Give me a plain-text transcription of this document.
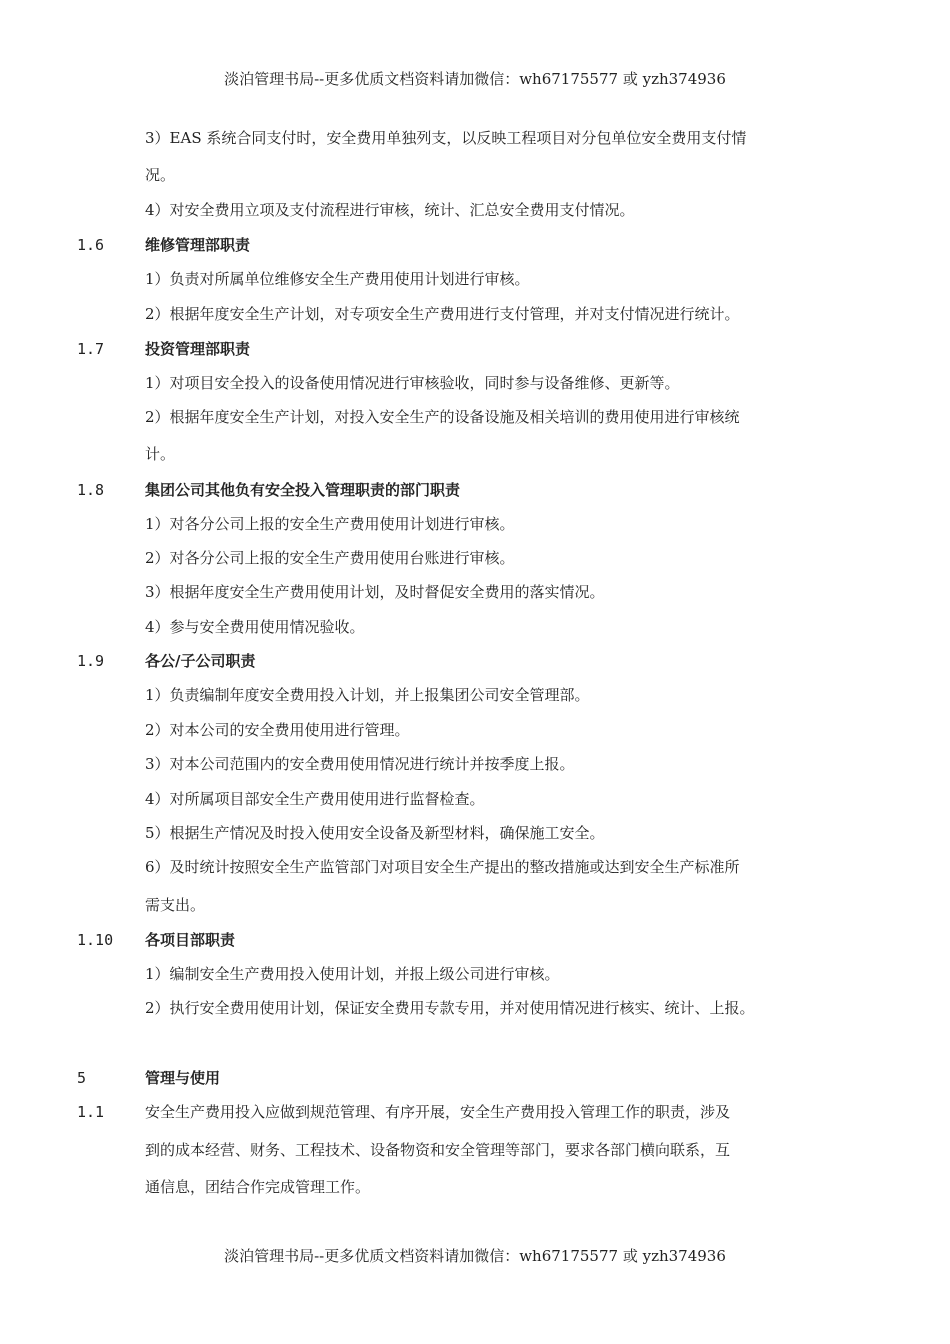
淡泊管理书局--更多优质文档资料请加微信：wh67175577 或 yzh374936
3）EAS 系统合同支付时，安全费用单独列支，以反映工程项目对分包单位安全费用支付情
况。
4）对安全费用立项及支付流程进行审核，统计、汇总安全费用支付情况。
1.6	维修管理部职责
1）负责对所属单位维修安全生产费用使用计划进行审核。
2）根据年度安全生产计划，对专项安全生产费用进行支付管理，并对支付情况进行统计。
1.7	投资管理部职责
1）对项目安全投入的设备使用情况进行审核验收，同时参与设备维修、更新等。
2）根据年度安全生产计划，对投入安全生产的设备设施及相关培训的费用使用进行审核统
计。
1.8	集团公司其他负有安全投入管理职责的部门职责
1）对各分公司上报的安全生产费用使用计划进行审核。
2）对各分公司上报的安全生产费用使用台账进行审核。
3）根据年度安全生产费用使用计划，及时督促安全费用的落实情况。
4）参与安全费用使用情况验收。
1.9	各公/子公司职责
1）负责编制年度安全费用投入计划，并上报集团公司安全管理部。
2）对本公司的安全费用使用进行管理。
3）对本公司范围内的安全费用使用情况进行统计并按季度上报。
4）对所属项目部安全生产费用使用进行监督检查。
5）根据生产情况及时投入使用安全设备及新型材料，确保施工安全。
6）及时统计按照安全生产监管部门对项目安全生产提出的整改措施或达到安全生产标准所
需支出。
1.10 各项目部职责
1）编制安全生产费用投入使用计划，并报上级公司进行审核。
2）执行安全费用使用计划，保证安全费用专款专用，并对使用情况进行核实、统计、上报。
5	管理与使用
1.1	安全生产费用投入应做到规范管理、有序开展，安全生产费用投入管理工作的职责，涉及
到的成本经营、财务、工程技术、设备物资和安全管理等部门，要求各部门横向联系，互
通信息，团结合作完成管理工作。
淡泊管理书局--更多优质文档资料请加微信：wh67175577 或 yzh374936
